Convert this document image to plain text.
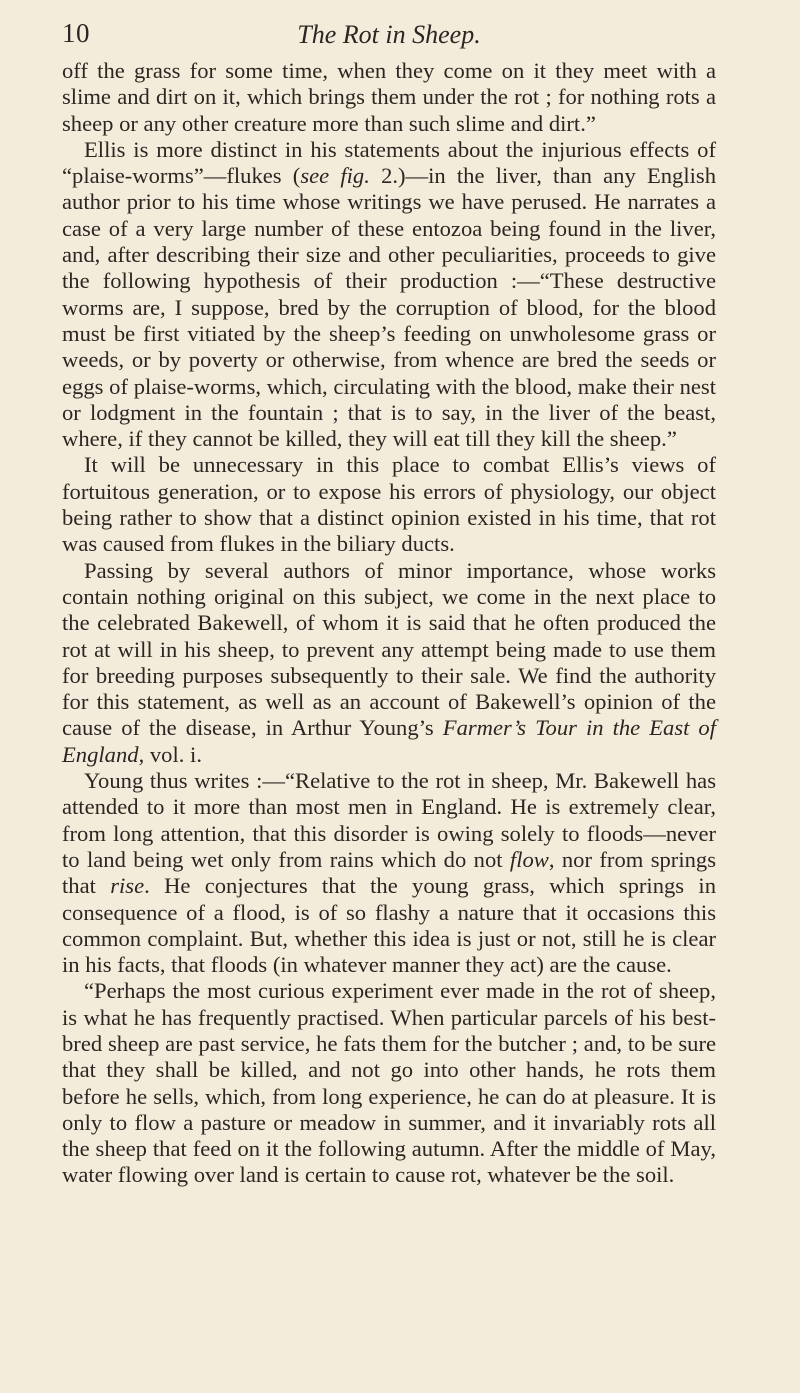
10	The Rot in Sheep.

off the grass for some time, when they come on it they meet with a slime and dirt on it, which brings them under the rot ; for nothing rots a sheep or any other creature more than such slime and dirt.”

Ellis is more distinct in his statements about the injurious effects of “plaise-worms”—flukes (see fig. 2.)—in the liver, than any English author prior to his time whose writings we have perused. He narrates a case of a very large number of these entozoa being found in the liver, and, after describing their size and other peculiarities, proceeds to give the following hypothesis of their production :—“These destructive worms are, I suppose, bred by the corruption of blood, for the blood must be first vitiated by the sheep’s feeding on unwholesome grass or weeds, or by poverty or otherwise, from whence are bred the seeds or eggs of plaise-worms, which, circulating with the blood, make their nest or lodgment in the fountain ; that is to say, in the liver of the beast, where, if they cannot be killed, they will eat till they kill the sheep.”

It will be unnecessary in this place to combat Ellis’s views of fortuitous generation, or to expose his errors of physiology, our object being rather to show that a distinct opinion existed in his time, that rot was caused from flukes in the biliary ducts.

Passing by several authors of minor importance, whose works contain nothing original on this subject, we come in the next place to the celebrated Bakewell, of whom it is said that he often produced the rot at will in his sheep, to prevent any attempt being made to use them for breeding purposes subsequently to their sale. We find the authority for this statement, as well as an account of Bakewell’s opinion of the cause of the disease, in Arthur Young’s Farmer’s Tour in the East of England, vol. i.

Young thus writes :—“Relative to the rot in sheep, Mr. Bakewell has attended to it more than most men in England. He is extremely clear, from long attention, that this disorder is owing solely to floods—never to land being wet only from rains which do not flow, nor from springs that rise. He conjectures that the young grass, which springs in consequence of a flood, is of so flashy a nature that it occasions this common complaint. But, whether this idea is just or not, still he is clear in his facts, that floods (in whatever manner they act) are the cause.

“Perhaps the most curious experiment ever made in the rot of sheep, is what he has frequently practised. When particular parcels of his best-bred sheep are past service, he fats them for the butcher ; and, to be sure that they shall be killed, and not go into other hands, he rots them before he sells, which, from long experience, he can do at pleasure. It is only to flow a pasture or meadow in summer, and it invariably rots all the sheep that feed on it the following autumn. After the middle of May, water flowing over land is certain to cause rot, whatever be the soil.
